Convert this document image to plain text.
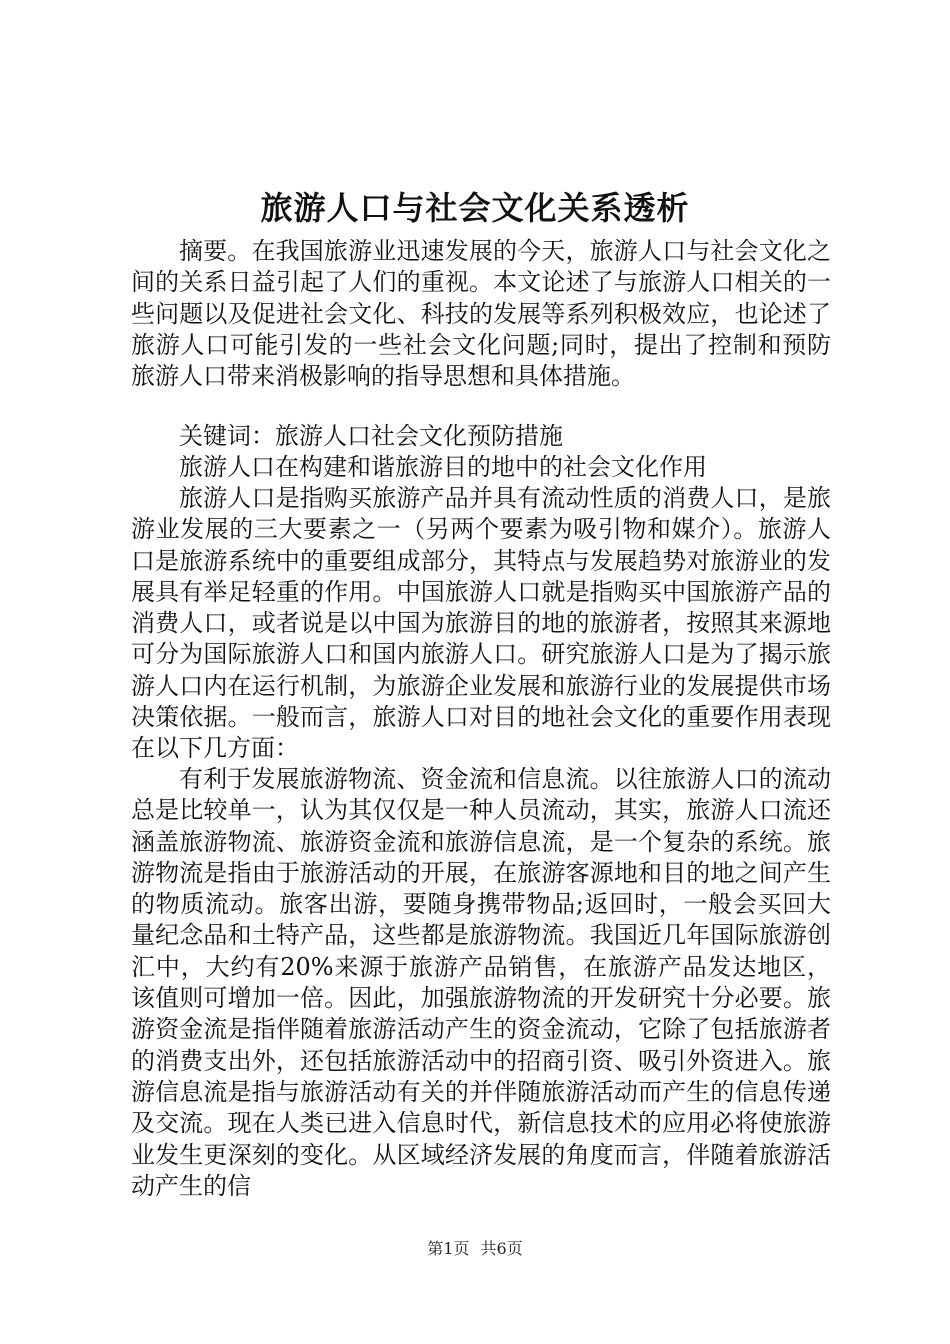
旅游人口与社会文化关系透析

摘要。在我国旅游业迅速发展的今天，旅游人口与社会文化之间的关系日益引起了人们的重视。本文论述了与旅游人口相关的一些问题以及促进社会文化、科技的发展等系列积极效应，也论述了旅游人口可能引发的一些社会文化问题;同时，提出了控制和预防旅游人口带来消极影响的指导思想和具体措施。

关键词：旅游人口社会文化预防措施

旅游人口在构建和谐旅游目的地中的社会文化作用

旅游人口是指购买旅游产品并具有流动性质的消费人口，是旅游业发展的三大要素之一（另两个要素为吸引物和媒介）。旅游人口是旅游系统中的重要组成部分，其特点与发展趋势对旅游业的发展具有举足轻重的作用。中国旅游人口就是指购买中国旅游产品的消费人口，或者说是以中国为旅游目的地的旅游者，按照其来源地可分为国际旅游人口和国内旅游人口。研究旅游人口是为了揭示旅游人口内在运行机制，为旅游企业发展和旅游行业的发展提供市场决策依据。一般而言，旅游人口对目的地社会文化的重要作用表现在以下几方面：

有利于发展旅游物流、资金流和信息流。以往旅游人口的流动总是比较单一，认为其仅仅是一种人员流动，其实，旅游人口流还涵盖旅游物流、旅游资金流和旅游信息流，是一个复杂的系统。旅游物流是指由于旅游活动的开展，在旅游客源地和目的地之间产生的物质流动。旅客出游，要随身携带物品;返回时，一般会买回大量纪念品和土特产品，这些都是旅游物流。我国近几年国际旅游创汇中，大约有20%来源于旅游产品销售，在旅游产品发达地区，该值则可增加一倍。因此，加强旅游物流的开发研究十分必要。旅游资金流是指伴随着旅游活动产生的资金流动，它除了包括旅游者的消费支出外，还包括旅游活动中的招商引资、吸引外资进入。旅游信息流是指与旅游活动有关的并伴随旅游活动而产生的信息传递及交流。现在人类已进入信息时代，新信息技术的应用必将使旅游业发生更深刻的变化。从区域经济发展的角度而言，伴随着旅游活动产生的信

第1页 共6页
